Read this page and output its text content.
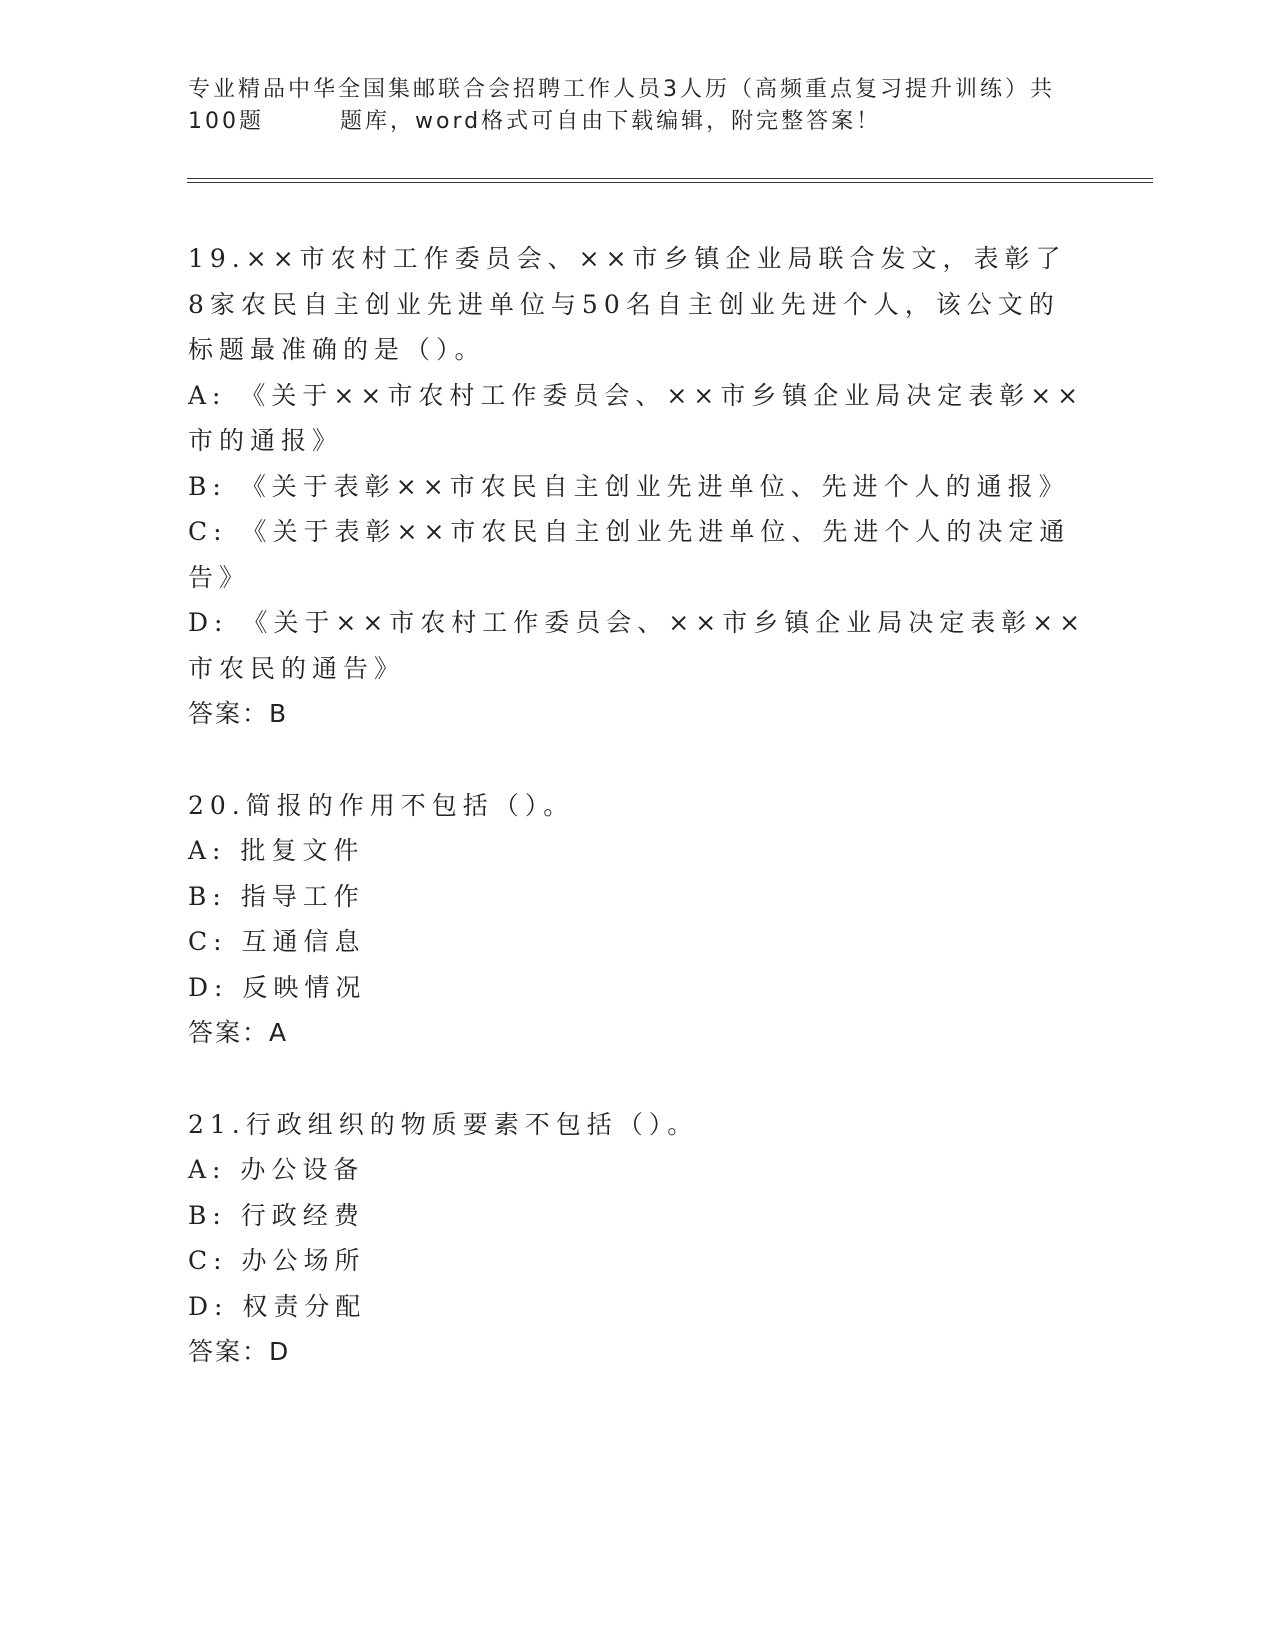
专业精品中华全国集邮联合会招聘工作人员3人历（高频重点复习提升训练）共
100题	题库，word格式可自由下载编辑，附完整答案！
19.××市农村工作委员会、××市乡镇企业局联合发文，表彰了8家农民自主创业先进单位与50名自主创业先进个人，该公文的标题最准确的是（）。
A: 《关于××市农村工作委员会、××市乡镇企业局决定表彰××市的通报》
B: 《关于表彰××市农民自主创业先进单位、先进个人的通报》
C: 《关于表彰××市农民自主创业先进单位、先进个人的决定通告》
D: 《关于××市农村工作委员会、××市乡镇企业局决定表彰××市农民的通告》
答案：B
20.简报的作用不包括（）。
A: 批复文件
B: 指导工作
C: 互通信息
D: 反映情况
答案：A
21.行政组织的物质要素不包括（）。
A: 办公设备
B: 行政经费
C: 办公场所
D: 权责分配
答案：D
